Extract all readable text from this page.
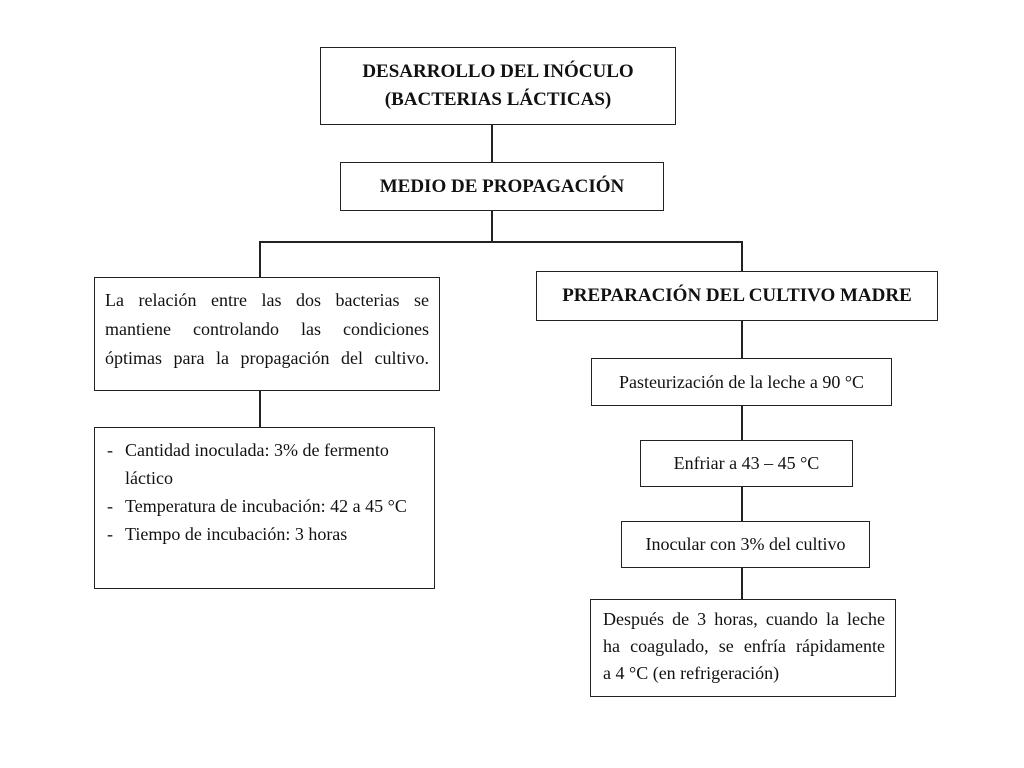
DESARROLLO DEL INÓCULO
(BACTERIAS LÁCTICAS)
MEDIO DE PROPAGACIÓN
La relación entre las dos bacterias se
mantiene controlando las condiciones
óptimas para la propagación del cultivo.
- Cantidad inoculada: 3% de fermento láctico
- Temperatura de incubación: 42 a 45 °C
- Tiempo de incubación: 3 horas
PREPARACIÓN DEL CULTIVO MADRE
Pasteurización de la leche a 90 °C
Enfriar a 43 – 45 °C
Inocular con 3% del cultivo
Después de 3 horas, cuando la leche
ha coagulado, se enfría rápidamente
a 4 °C (en refrigeración)
